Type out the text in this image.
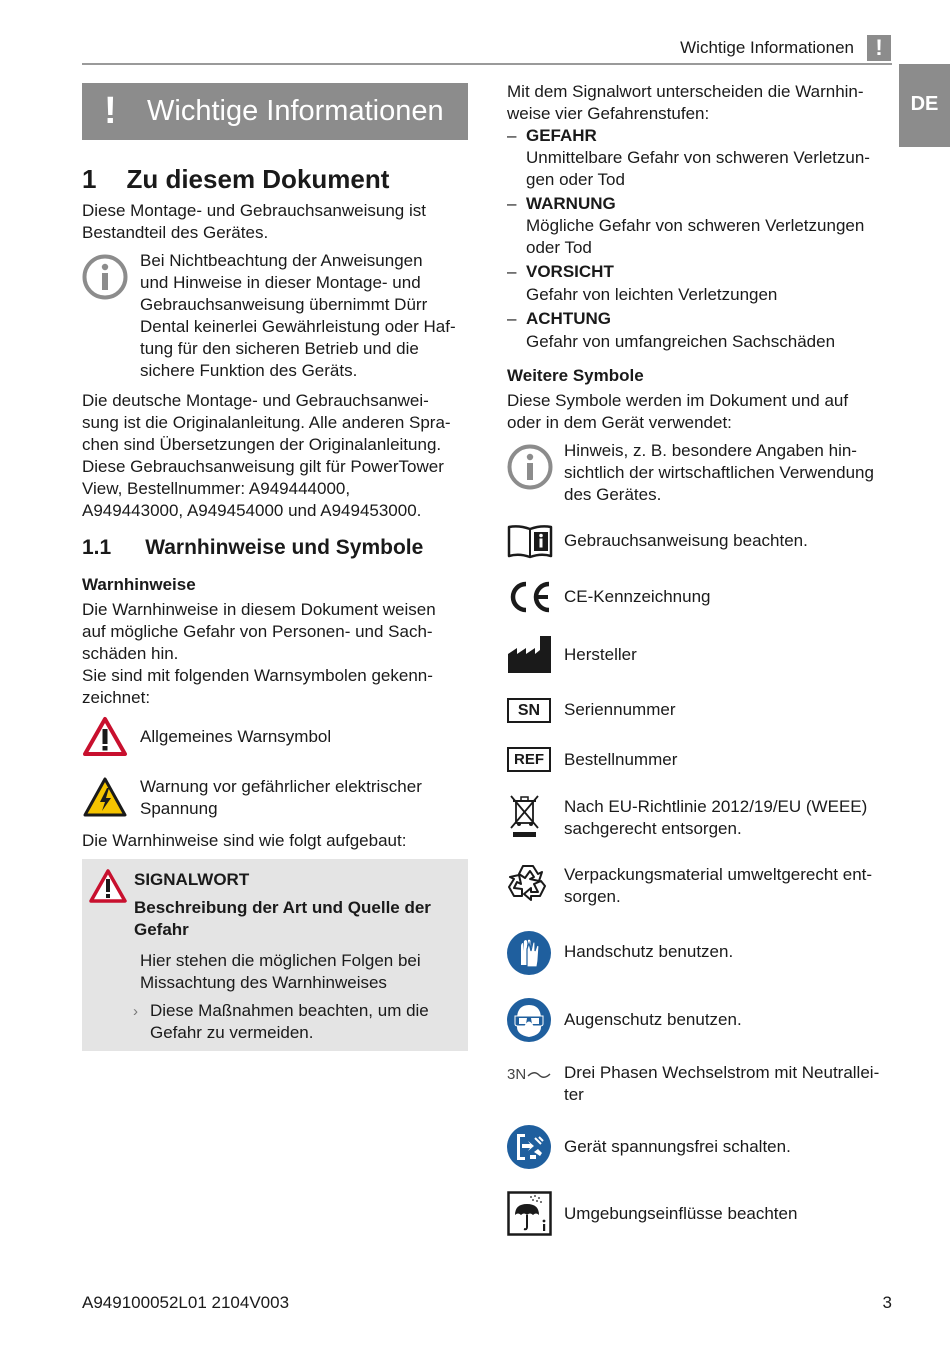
Wichtige Informationen !
DE
! Wichtige Informationen
1 Zu diesem Dokument
Diese Montage- und Gebrauchsanweisung ist
Bestandteil des Gerätes.
Bei Nichtbeachtung der Anweisungen
und Hinweise in dieser Montage- und
Gebrauchsanweisung übernimmt Dürr
Dental keinerlei Gewährleistung oder Haf-
tung für den sicheren Betrieb und die
sichere Funktion des Geräts.
Die deutsche Montage- und Gebrauchsanwei-
sung ist die Originalanleitung. Alle anderen Spra-
chen sind Übersetzungen der Originalanleitung.
Diese Gebrauchsanweisung gilt für PowerTower
View, Bestellnummer: A949444000,
A949443000, A949454000 und A949453000.
1.1 Warnhinweise und Symbole
Warnhinweise
Die Warnhinweise in diesem Dokument weisen
auf mögliche Gefahr von Personen- und Sach-
schäden hin.
Sie sind mit folgenden Warnsymbolen gekenn-
zeichnet:
Allgemeines Warnsymbol
Warnung vor gefährlicher elektrischer
Spannung
Die Warnhinweise sind wie folgt aufgebaut:
SIGNALWORT
Beschreibung der Art und Quelle der
Gefahr
Hier stehen die möglichen Folgen bei
Missachtung des Warnhinweises
› Diese Maßnahmen beachten, um die
Gefahr zu vermeiden.
Mit dem Signalwort unterscheiden die Warnhin-
weise vier Gefahrenstufen:
– GEFAHR
Unmittelbare Gefahr von schweren Verletzun-
gen oder Tod
– WARNUNG
Mögliche Gefahr von schweren Verletzungen
oder Tod
– VORSICHT
Gefahr von leichten Verletzungen
– ACHTUNG
Gefahr von umfangreichen Sachschäden
Weitere Symbole
Diese Symbole werden im Dokument und auf
oder in dem Gerät verwendet:
Hinweis, z. B. besondere Angaben hin-
sichtlich der wirtschaftlichen Verwendung
des Gerätes.
Gebrauchsanweisung beachten.
CE-Kennzeichnung
Hersteller
SN	Seriennummer
REF	Bestellnummer
Nach EU-Richtlinie 2012/19/EU (WEEE)
sachgerecht entsorgen.
Verpackungsmaterial umweltgerecht ent-
sorgen.
Handschutz benutzen.
Augenschutz benutzen.
3N	Drei Phasen Wechselstrom mit Neutrallei-
ter
Gerät spannungsfrei schalten.
Umgebungseinflüsse beachten
A949100052L01 2104V003	3
